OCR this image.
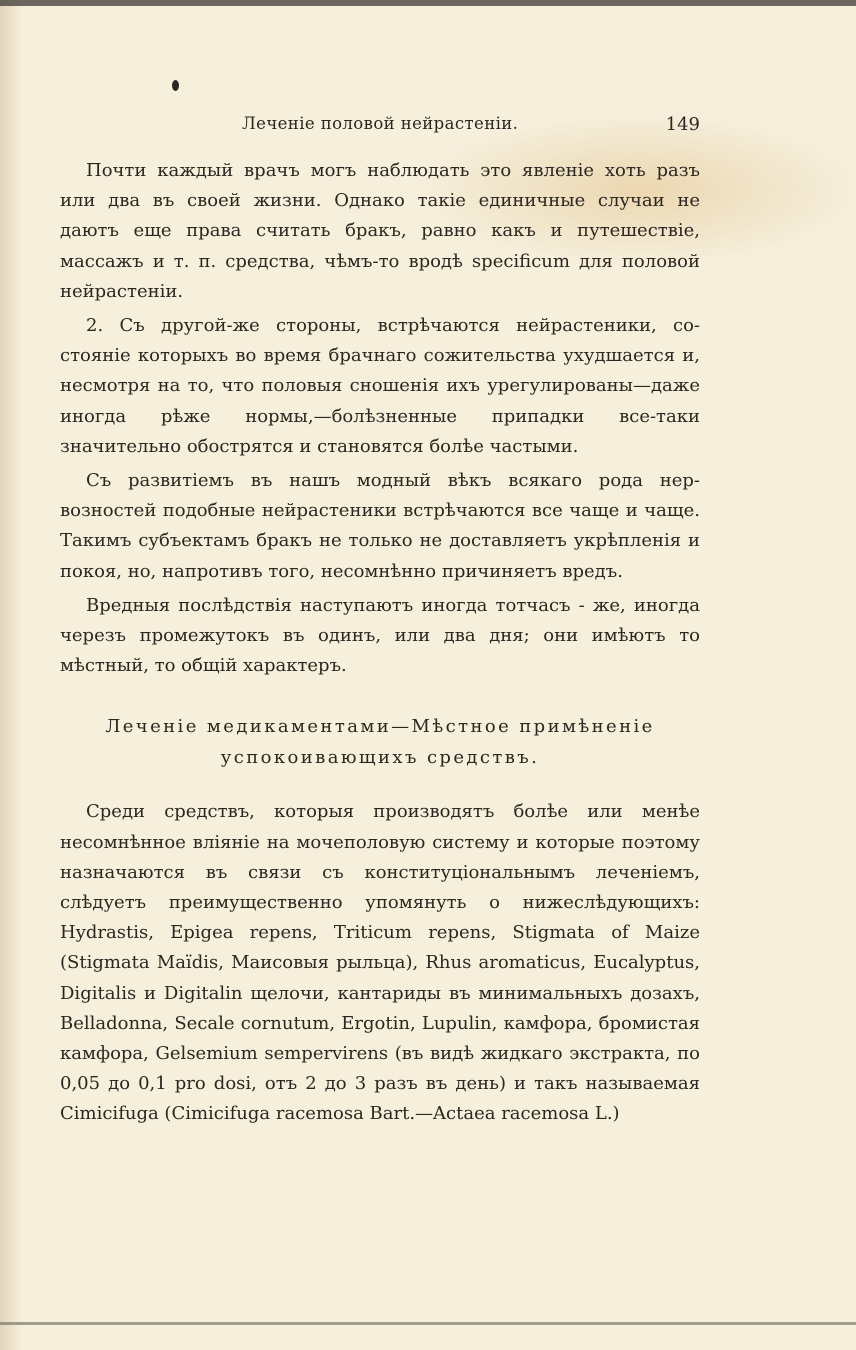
Леченіе половой нейрастеніи.	149

Почти каждый врачъ могъ наблюдать это явленіе хоть разъ или два въ своей жизни. Однако такіе единичные случаи не даютъ еще права считать бракъ, равно какъ и путешествіе, массажъ и т. п. средства, чѣмъ-то вродѣ specificum для половой нейрастеніи.

2. Съ другой-же стороны, встрѣчаются нейрастеники, состояніе которыхъ во время брачнаго сожительства ухудшается и, несмотря на то, что половыя сношенія ихъ урегулированы—даже иногда рѣже нормы,—болѣзненные припадки все-таки значительно обострятся и становятся болѣе частыми.

Съ развитіемъ въ нашъ модный вѣкъ всякаго рода нервозностей подобные нейрастеники встрѣчаются все чаще и чаще. Такимъ субъектамъ бракъ не только не доставляетъ укрѣпленія и покоя, но, напротивъ того, несомнѣнно причиняетъ вредъ.

Вредныя послѣдствія наступаютъ иногда тотчасъ - же, иногда черезъ промежутокъ въ одинъ, или два дня; они имѣютъ то мѣстный, то общій характеръ.

Леченіе медикаментами—Мѣстное примѣненіе
успокоивающихъ средствъ.

Среди средствъ, которыя производятъ болѣе или менѣе несомнѣнное вліяніе на мочеполовую систему и которые поэтому назначаются въ связи съ конституціональнымъ леченіемъ, слѣдуетъ преимущественно упомянуть о нижеслѣдующихъ: Hydrastis, Epigea repens, Triticum repens, Stigmata of Maize (Stigmata Maïdis, Маисовыя рыльца), Rhus aromaticus, Eucalyptus, Digitalis и Digitalin щелочи, кантариды въ минимальныхъ дозахъ, Belladonna, Secale cornutum, Ergotin, Lupulin, камфора, бромистая камфора, Gelsemium sempervirens (въ видѣ жидкаго экстракта, по 0,05 до 0,1 pro dosi, отъ 2 до 3 разъ въ день) и такъ называемая Cimicifuga (Cimicifuga racemosa Bart.—Actaea racemosa L.)
